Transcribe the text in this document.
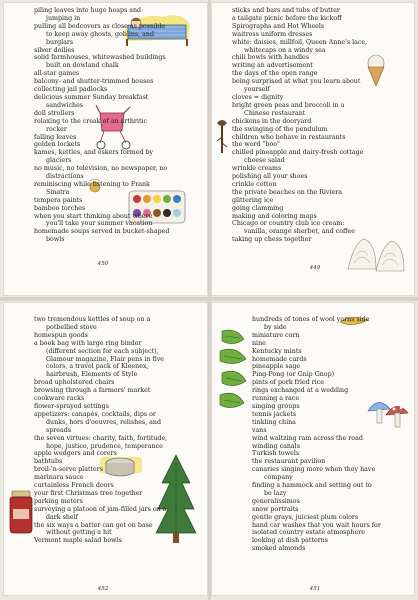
piling leaves into huge heaps and
jumping in
pulling all bedcovers as close as possible
to keep away ghosts, goblins, and
burglars
silver doilies
solid farmhouses, whitewashed buildings
built on dowland chalk
all-star games
balcony- and shutter-trimmed houses
collecting jail padlocks
delicious summer Sunday breakfast
sandwiches
doll strollers
relaxing to the creak of an arthritic
rocker
falling leaves
golden lockets
kames, kettles, and eskers formed by
glaciers
no music, no television, no newspaper, no
distractions
reminiscing while listening to Frank
Sinatra
tempera paints
bamboo torches
when you start thinking about where
you'll take your summer vacation
homemade soups served in bucket-shaped
bowls
450
sticks and bars and tubs of butter
a tailgate picnic before the kickoff
Spirographs and Hot Wheels
waitress uniform dresses
white: daisies, millfoil, Queen Anne's lace,
whitecaps on a windy sea
chili bowls with handles
writing an advertisement
the days of the open range
being surprised at what you learn about
yourself
cloves = dignity
bright green peas and broccoli in a
Chinese restaurant
chickens in the dooryard
the swinging of the pendulum
children who behave in restaurants
the word "boo"
chilled pineapple and dairy-fresh cottage
cheese salad
wrinkle creams
polishing all your shoes
crinkle cotton
the private beaches on the Riviera
glittering ice
going clamming
making and coloring maps
Chicago or country club ice cream:
vanilla, orange sherbet, and coffee
taking up chess together
449
two tremendous kettles of soup on a
potbellied stove
homespun goods
a book bag with large ring binder
(different section for each subject),
Glamour magazine, Flair pens in five
colors, a travel pack of Kleenex,
hairbrush, Elements of Style
broad upholstered chairs
browsing through a farmers' market
cookware racks
flower-sprayed settings
appetizers: canapés, cocktails, dips or
dunks, hors d'oeuvres, relishes, and
spreads
the seven virtues: charity, faith, fortitude,
hope, justice, prudence, temperance
apple wedgers and corers
bathtubs
broil-'n-serve platters
marinara sauce
curtainless French doors
your first Christmas tree together
parking meters
surveying a platoon of jam-filled jars on a
dark shelf
the six ways a batter can get on base
without getting a hit
Vermont maple salad bowls
452
hundreds of tones of wool yarns side
by side
miniature corn
nine
Kentucky mints
homemade cards
pineapple sage
Ping-Pong (or Gnip Gnop)
pints of pork fried rice
rings exchanged at a wedding
running a race
singing groups
tennis jackets
tinkling china
vans
wind waltzing rain across the road
winding canals
Turkish towels
the restaurant pavilion
canaries singing more when they have
company
finding a hammock and setting out to
be lazy
generalissimos
snow portraits
gentle grays, juiciest plum colors
hand car washes that you wait hours for
isolated country estate atmosphere
looking at dish patterns
smoked almonds
451
